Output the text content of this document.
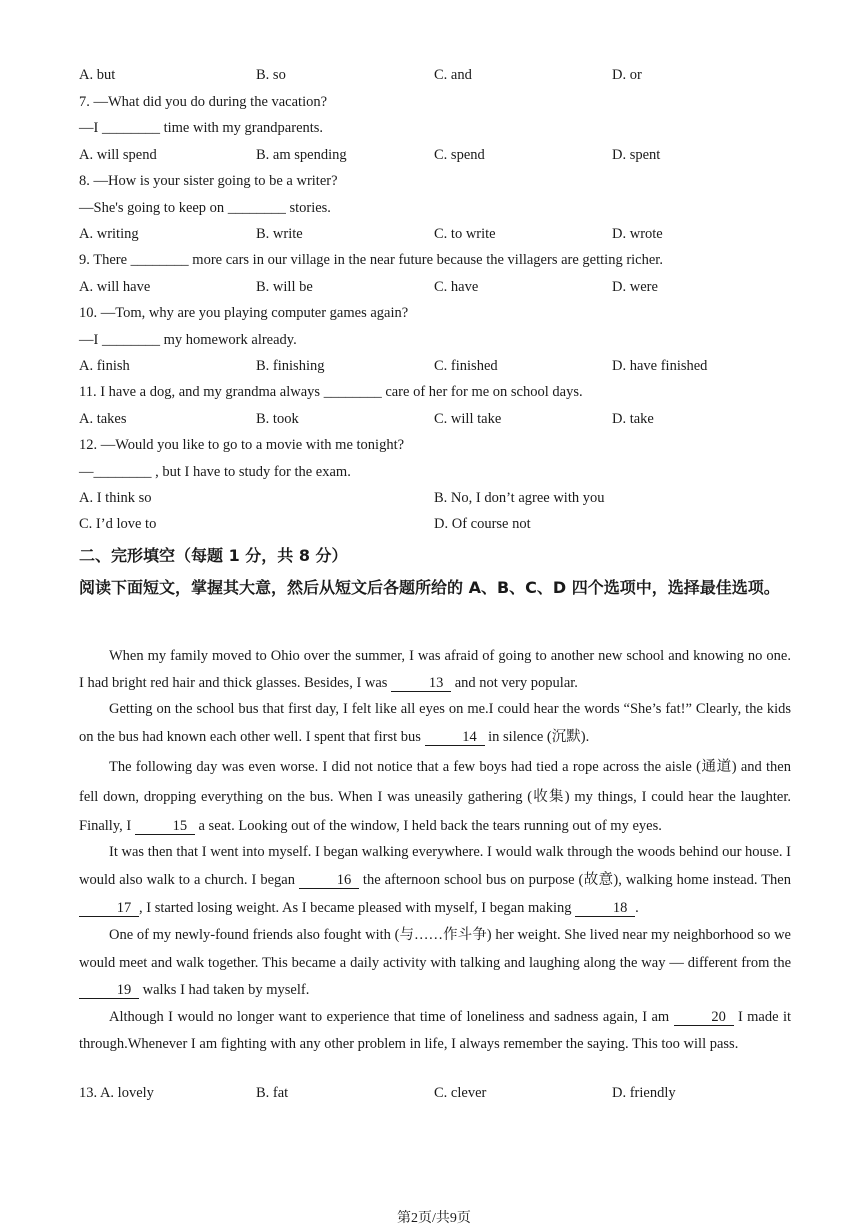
A. but	B. so	C. and	D. or
7. —What did you do during the vacation?
—I ________ time with my grandparents.
A. will spend	B. am spending	C. spend	D. spent
8. —How is your sister going to be a writer?
—She's going to keep on ________ stories.
A. writing	B. write	C. to write	D. wrote
9. There ________ more cars in our village in the near future because the villagers are getting richer.
A. will have	B. will be	C. have	D. were
10. —Tom, why are you playing computer games again?
—I ________ my homework already.
A. finish	B. finishing	C. finished	D. have finished
11. I have a dog, and my grandma always ________ care of her for me on school days.
A. takes	B. took	C. will take	D. take
12. —Would you like to go to a movie with me tonight?
—________ , but I have to study for the exam.
A. I think so	B. No, I don’t agree with you
C. I’d love to	D. Of course not
二、完形填空（每题 1 分，共 8 分）
阅读下面短文，掌握其大意，然后从短文后各题所给的 A、B、C、D 四个选项中，选择最佳选项。

When my family moved to Ohio over the summer, I was afraid of going to another new school and knowing no one. I had bright red hair and thick glasses. Besides, I was	13 and not very popular.

Getting on the school bus that first day, I felt like all eyes on me.I could hear the words “She’s fat!” Clearly, the kids on the bus had known each other well. I spent that first bus	14 in silence (沉默).

The following day was even worse. I did not notice that a few boys had tied a rope across the aisle (通道) and then fell down, dropping everything on the bus. When I was uneasily gathering (收集) my things, I could hear the laughter. Finally, I	15 a seat. Looking out of the window, I held back the tears running out of my eyes.

It was then that I went into myself. I began walking everywhere. I would walk through the woods behind our house. I would also walk to a church. I began	16 the afternoon school bus on purpose (故意), walking home instead. Then 17 , I started losing weight. As I became pleased with myself, I began making	18 .

One of my newly-found friends also fought with (与……作斗争) her weight. She lived near my neighborhood so we would meet and walk together. This became a daily activity with talking and laughing along the way — different from the 19 walks I had taken by myself.

Although I would no longer want to experience that time of loneliness and sadness again, I am	20 I made it through.Whenever I am fighting with any other problem in life, I always remember the saying. This too will pass.

13. A. lovely	B. fat	C. clever	D. friendly
第2页/共9页
